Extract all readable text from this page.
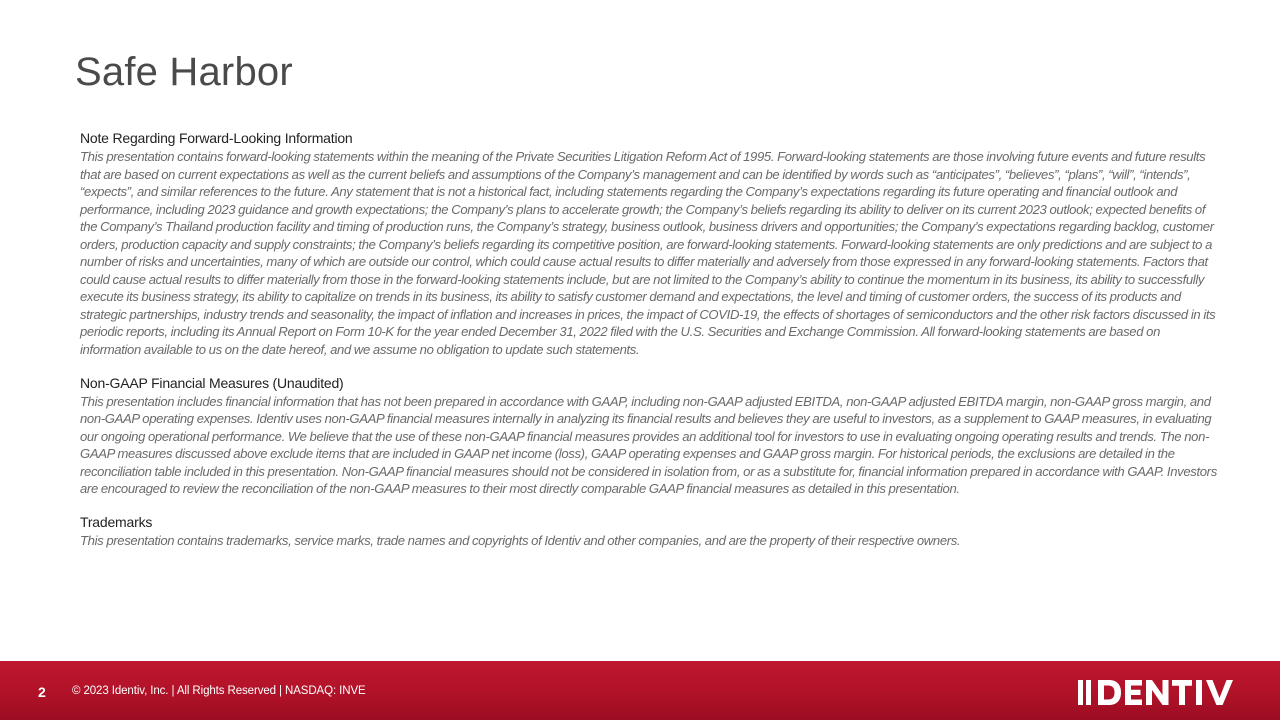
Safe Harbor

Note Regarding Forward-Looking Information

This presentation contains forward-looking statements within the meaning of the Private Securities Litigation Reform Act of 1995. Forward-looking statements are those involving future events and future results that are based on current expectations as well as the current beliefs and assumptions of the Company’s management and can be identified by words such as “anticipates”, “believes”, “plans”, “will”, “intends”, “expects”, and similar references to the future. Any statement that is not a historical fact, including statements regarding the Company’s expectations regarding its future operating and financial outlook and performance, including 2023 guidance and growth expectations; the Company’s plans to accelerate growth; the Company’s beliefs regarding its ability to deliver on its current 2023 outlook; expected benefits of the Company’s Thailand production facility and timing of production runs, the Company’s strategy, business outlook, business drivers and opportunities; the Company’s expectations regarding backlog, customer orders, production capacity and supply constraints; the Company’s beliefs regarding its competitive position, are forward-looking statements. Forward-looking statements are only predictions and are subject to a number of risks and uncertainties, many of which are outside our control, which could cause actual results to differ materially and adversely from those expressed in any forward-looking statements. Factors that could cause actual results to differ materially from those in the forward-looking statements include, but are not limited to the Company’s ability to continue the momentum in its business, its ability to successfully execute its business strategy, its ability to capitalize on trends in its business, its ability to satisfy customer demand and expectations, the level and timing of customer orders, the success of its products and strategic partnerships, industry trends and seasonality, the impact of inflation and increases in prices, the impact of COVID-19, the effects of shortages of semiconductors and the other risk factors discussed in its periodic reports, including its Annual Report on Form 10-K for the year ended December 31, 2022 filed with the U.S. Securities and Exchange Commission. All forward-looking statements are based on information available to us on the date hereof, and we assume no obligation to update such statements.

Non-GAAP Financial Measures (Unaudited)

This presentation includes financial information that has not been prepared in accordance with GAAP, including non-GAAP adjusted EBITDA, non-GAAP adjusted EBITDA margin, non-GAAP gross margin, and non-GAAP operating expenses. Identiv uses non-GAAP financial measures internally in analyzing its financial results and believes they are useful to investors, as a supplement to GAAP measures, in evaluating our ongoing operational performance. We believe that the use of these non-GAAP financial measures provides an additional tool for investors to use in evaluating ongoing operating results and trends. The non-GAAP measures discussed above exclude items that are included in GAAP net income (loss), GAAP operating expenses and GAAP gross margin. For historical periods, the exclusions are detailed in the reconciliation table included in this presentation. Non-GAAP financial measures should not be considered in isolation from, or as a substitute for, financial information prepared in accordance with GAAP. Investors are encouraged to review the reconciliation of the non-GAAP measures to their most directly comparable GAAP financial measures as detailed in this presentation.

Trademarks

This presentation contains trademarks, service marks, trade names and copyrights of Identiv and other companies, and are the property of their respective owners.

2 © 2023 Identiv, Inc. | All Rights Reserved | NASDAQ: INVE
